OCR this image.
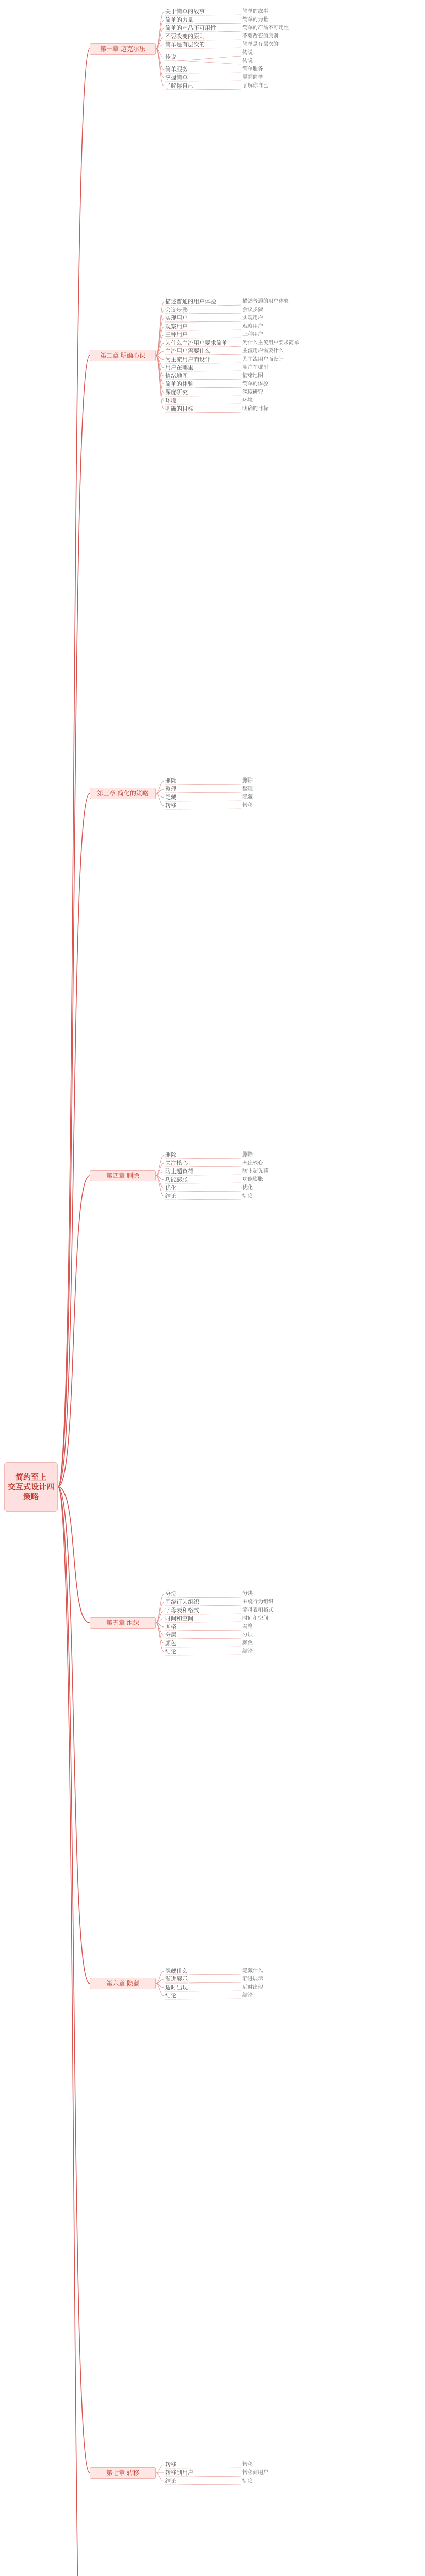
简约至上
交互式设计四策略
第一章 迈克尔乐
关于简单的故事	简单的故事
简单的力量	简单的力量
简单的产品不可用性	简单的产品不可用性
不要改变的原则	不要改变的原则
简单是有层次的	简单是有层次的
传说
传说
传说
简单服务	简单服务
掌握简单	掌握简单
了解你自己	了解你自己
第二章 明确心识
描述普通的用户体验	描述普通的用户体验
会议步骤	会议步骤
实现用户	实现用户
观察用户	观察用户
三种用户	三种用户
为什么主流用户要求简单	为什么主流用户要求简单
主流用户需要什么	主流用户需要什么
为主流用户而设计	为主流用户而设计
用户在哪里	用户在哪里
情绪地图	情绪地图
简单的体验	简单的体验
深度研究	深度研究
环境	环境
明确的目标	明确的目标
第三章 简化的策略
删除	删除
整理	整理
隐藏	隐藏
转移	转移
第四章 删除
删除	删除
关注核心	关注核心
防止超负荷	防止超负荷
功能膨胀	功能膨胀
优化	优化
结论	结论
第五章 组织
分块	分块
围绕行为组织	围绕行为组织
字母表和格式	字母表和格式
时间和空间	时间和空间
网格	网格
分层	分层
颜色	颜色
结论	结论
第六章 隐藏
隐藏什么	隐藏什么
渐进展示	渐进展示
适时出现	适时出现
结论	结论
第七章 转移
转移	转移
转移到用户	转移到用户
结论	结论
